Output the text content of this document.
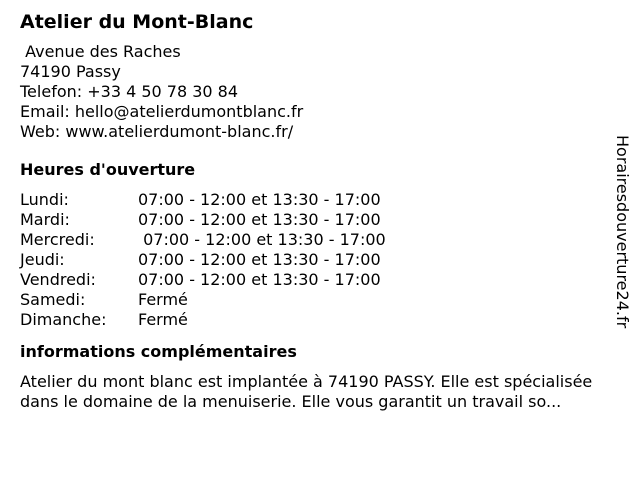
Atelier du Mont-Blanc
Avenue des Raches
74190 Passy
Telefon: +33 4 50 78 30 84
Email: hello@atelierdumontblanc.fr
Web: www.atelierdumont-blanc.fr/
Heures d'ouverture
Lundi:	07:00 - 12:00 et 13:30 - 17:00
Mardi:	07:00 - 12:00 et 13:30 - 17:00
Mercredi:	07:00 - 12:00 et 13:30 - 17:00
Jeudi:	07:00 - 12:00 et 13:30 - 17:00
Vendredi:	07:00 - 12:00 et 13:30 - 17:00
Samedi:	Fermé
Dimanche:	Fermé
informations complémentaires
Atelier du mont blanc est implantée à 74190 PASSY. Elle est spécialisée dans le domaine de la menuiserie. Elle vous garantit un travail so...
Horairesdouverture24.fr
